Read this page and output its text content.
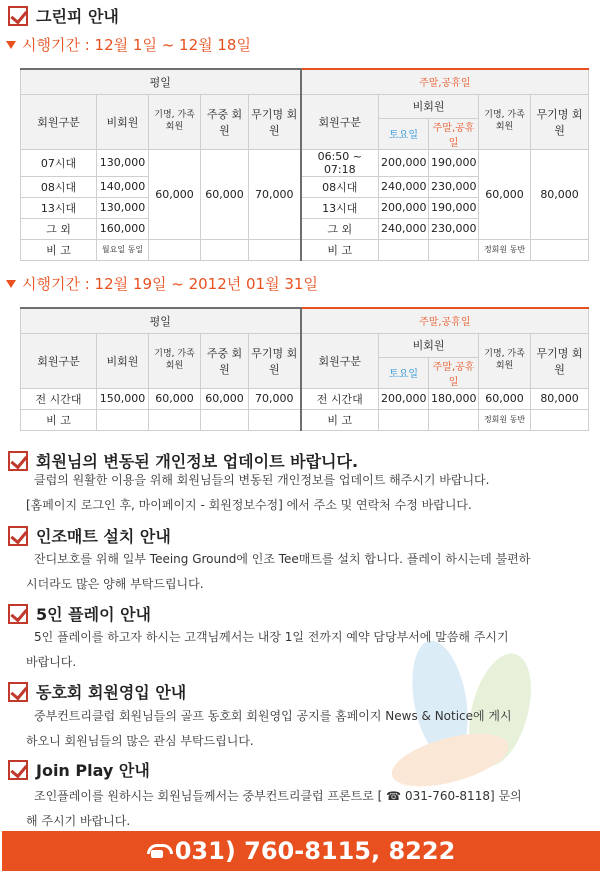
그린피 안내
시행기간 : 12월 1일 ~ 12월 18일
평일					주말,공휴일				
회원구분	비회원	기명, 가족 회원	주중 회원	무기명 회원	회원구분	비회원		기명, 가족 회원	무기명 회원
						토요일	주말,공휴일		
07시대	130,000	60,000	60,000	70,000	06:50 ~ 07:18	200,000	190,000	60,000	80,000
08시대	140,000				08시대	240,000	230,000		
13시대	130,000				13시대	200,000	190,000		
그 외	160,000				그 외	240,000	230,000		
비 고	월요일 동일				비 고			정회원 동반	
시행기간 : 12월 19일 ~ 2012년 01월 31일
평일					주말,공휴일				
회원구분	비회원	기명, 가족 회원	주중 회원	무기명 회원	회원구분	비회원		기명, 가족 회원	무기명 회원
						토요일	주말,공휴일		
전 시간대	150,000	60,000	60,000	70,000	전 시간대	200,000	180,000	60,000	80,000
비 고					비 고			정회원 동반	
회원님의 변동된 개인정보 업데이트 바랍니다.
클럽의 원활한 이용을 위해 회원님들의 변동된 개인정보를 업데이트 해주시기 바랍니다.
[홈페이지 로그인 후, 마이페이지 - 회원정보수정] 에서 주소 및 연락처 수정 바랍니다.
인조매트 설치 안내
잔디보호를 위해 일부 Teeing Ground에 인조 Tee매트를 설치 합니다. 플레이 하시는데 불편하
시더라도 많은 양해 부탁드립니다.
5인 플레이 안내
5인 플레이를 하고자 하시는 고객님께서는 내장 1일 전까지 예약 담당부서에 말씀해 주시기
바랍니다.
동호회 회원영입 안내
중부컨트리클럽 회원님들의 골프 동호회 회원영입 공지를 홈페이지 News & Notice에 게시
하오니 회원님들의 많은 관심 부탁드립니다.
Join Play 안내
조인플레이를 원하시는 회원님들께서는 중부컨트리클럽 프론트로 [ ☎ 031-760-8118] 문의
해 주시기 바랍니다.
031) 760-8115, 8222
